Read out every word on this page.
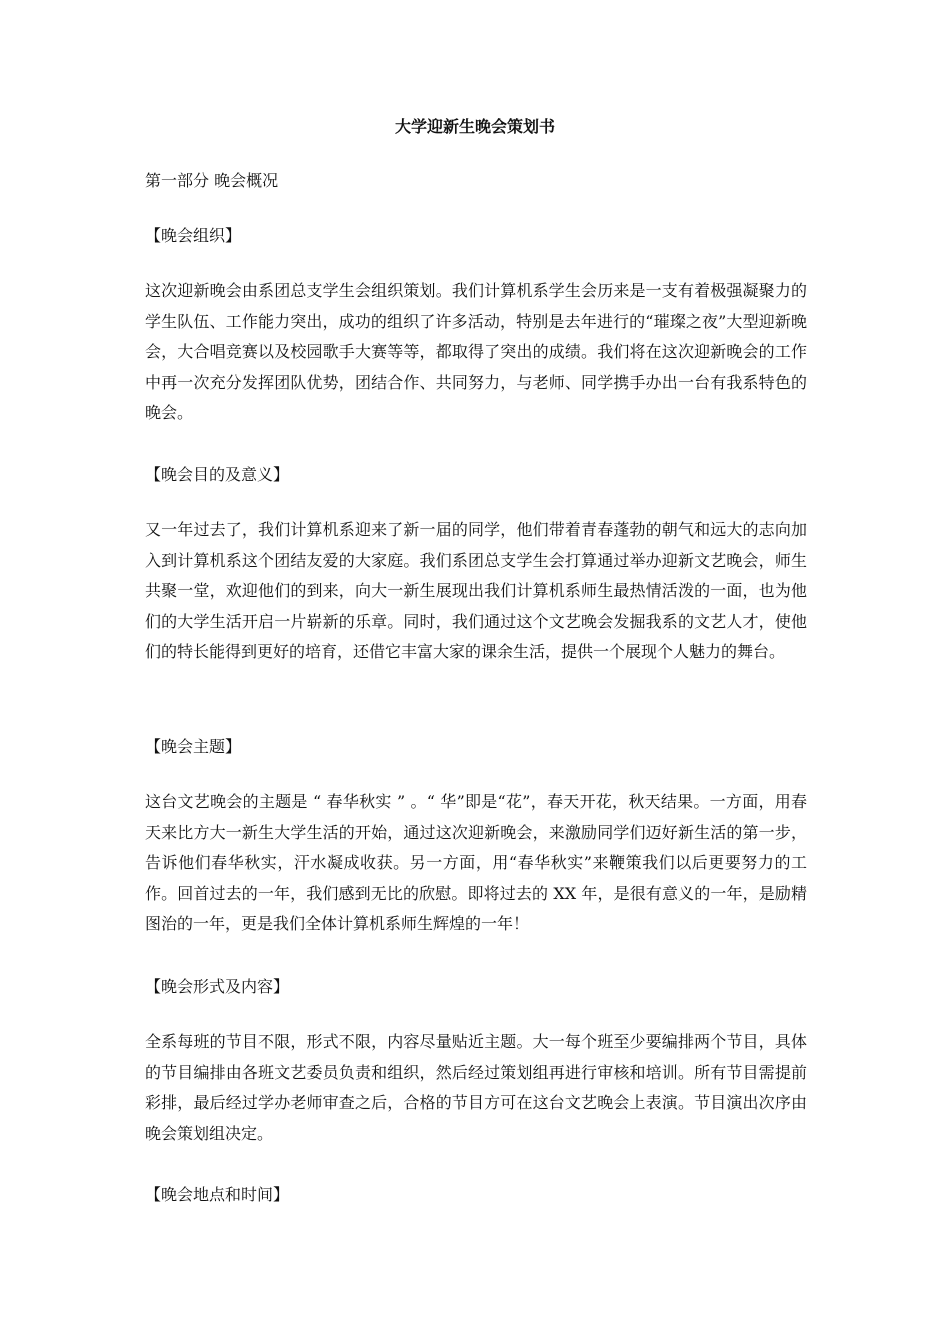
大学迎新生晚会策划书

第一部分 晚会概况

【晚会组织】

这次迎新晚会由系团总支学生会组织策划。我们计算机系学生会历来是一支有着极强凝聚力的学生队伍、工作能力突出，成功的组织了许多活动，特别是去年进行的“璀璨之夜”大型迎新晚会，大合唱竞赛以及校园歌手大赛等等，都取得了突出的成绩。我们将在这次迎新晚会的工作中再一次充分发挥团队优势，团结合作、共同努力，与老师、同学携手办出一台有我系特色的晚会。

【晚会目的及意义】

又一年过去了，我们计算机系迎来了新一届的同学，他们带着青春蓬勃的朝气和远大的志向加入到计算机系这个团结友爱的大家庭。我们系团总支学生会打算通过举办迎新文艺晚会，师生共聚一堂，欢迎他们的到来，向大一新生展现出我们计算机系师生最热情活泼的一面，也为他们的大学生活开启一片崭新的乐章。同时，我们通过这个文艺晚会发掘我系的文艺人才，使他们的特长能得到更好的培育，还借它丰富大家的课余生活，提供一个展现个人魅力的舞台。

【晚会主题】

这台文艺晚会的主题是 “ 春华秋实 ” 。“ 华”即是“花”，春天开花，秋天结果。一方面，用春天来比方大一新生大学生活的开始，通过这次迎新晚会，来激励同学们迈好新生活的第一步，告诉他们春华秋实，汗水凝成收获。另一方面，用“春华秋实”来鞭策我们以后更要努力的工作。回首过去的一年，我们感到无比的欣慰。即将过去的 XX 年，是很有意义的一年，是励精图治的一年，更是我们全体计算机系师生辉煌的一年！

【晚会形式及内容】

全系每班的节目不限，形式不限，内容尽量贴近主题。大一每个班至少要编排两个节目，具体的节目编排由各班文艺委员负责和组织，然后经过策划组再进行审核和培训。所有节目需提前彩排，最后经过学办老师审查之后，合格的节目方可在这台文艺晚会上表演。节目演出次序由晚会策划组决定。

【晚会地点和时间】
